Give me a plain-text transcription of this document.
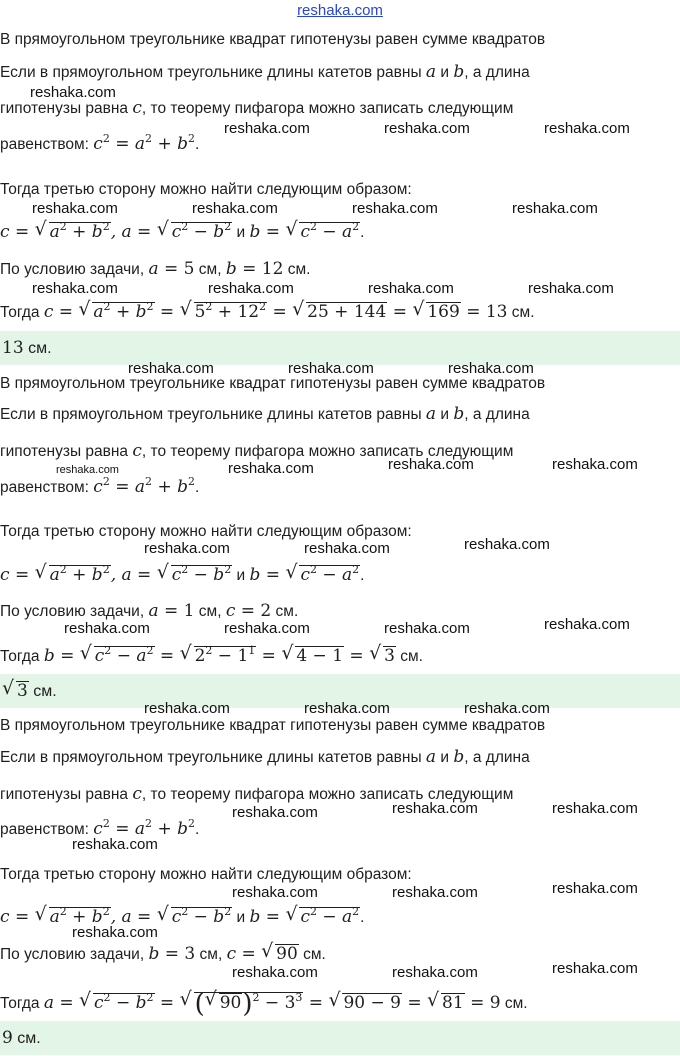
reshaka.com
В прямоугольном треугольнике квадрат гипотенузы равен сумме квадратов
Если в прямоугольном треугольнике длины катетов равны a и b, а длина
гипотенузы равна c, то теорему пифагора можно записать следующим
равенством: $c^2 = a^2 + b^2$.
Тогда третью сторону можно найти следующим образом:
c = √ $a^2 + b^2$, a = √ $c^2 - b^2$ и b = √ $c^2 - a^2$.
По условию задачи, a = 5 см, b = 12 см.
Тогда c = √ $a^2 + b^2$ = √ $5^2 + 12^2$ = √ 25 + 144 = √ 169 = 13 см.
13 см.
В прямоугольном треугольнике квадрат гипотенузы равен сумме квадратов
Если в прямоугольном треугольнике длины катетов равны a и b, а длина
гипотенузы равна c, то теорему пифагора можно записать следующим
равенством: $c^2 = a^2 + b^2$.
Тогда третью сторону можно найти следующим образом:
c = √ $a^2 + b^2$, a = √ $c^2 - b^2$ и b = √ $c^2 - a^2$.
По условию задачи, a = 1 см, c = 2 см.
Тогда b = √ $c^2 - a^2$ = √ $2^2 - 1^1$ = √ 4 − 1 = √ 3 см.
√ 3 см.
В прямоугольном треугольнике квадрат гипотенузы равен сумме квадратов
Если в прямоугольном треугольнике длины катетов равны a и b, а длина
гипотенузы равна c, то теорему пифагора можно записать следующим
равенством: $c^2 = a^2 + b^2$.
Тогда третью сторону можно найти следующим образом:
c = √ $a^2 + b^2$, a = √ $c^2 - b^2$ и b = √ $c^2 - a^2$.
По условию задачи, b = 3 см, c = √ 90 см.
Тогда a = √ $c^2 - b^2$ = √ ( √ $90)^2 - 3^3$ = √ 90 − 9 = √ 81 = 9 см.
9 см.
reshaka.com
reshaka.com	reshaka.com	reshaka.com
reshaka.com	reshaka.com	reshaka.com	reshaka.com
reshaka.com	reshaka.com	reshaka.com	reshaka.com
reshaka.com	reshaka.com	reshaka.com
reshaka.com	reshaka.com	reshaka.com	reshaka.com
reshaka.com	reshaka.com	reshaka.com
reshaka.com	reshaka.com	reshaka.com	reshaka.com
reshaka.com	reshaka.com	reshaka.com
reshaka.com	reshaka.com	reshaka.com
reshaka.com
reshaka.com	reshaka.com	reshaka.com
reshaka.com
reshaka.com	reshaka.com	reshaka.com
